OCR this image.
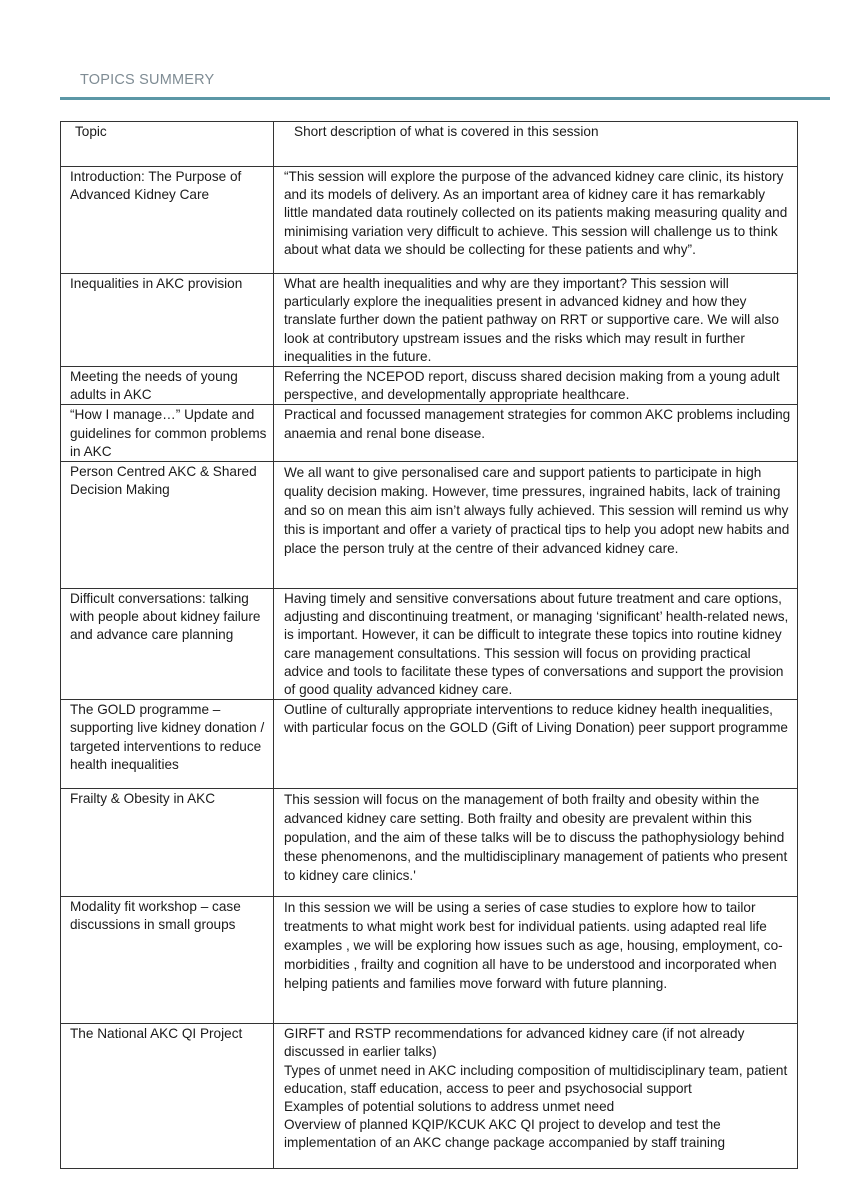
TOPICS SUMMERY
Topic	Short description of what is covered in this session

Introduction: The Purpose of Advanced Kidney Care	“This session will explore the purpose of the advanced kidney care clinic, its history and its models of delivery. As an important area of kidney care it has remarkably little mandated data routinely collected on its patients making measuring quality and minimising variation very difficult to achieve. This session will challenge us to think about what data we should be collecting for these patients and why”.

Inequalities in AKC provision	What are health inequalities and why are they important? This session will particularly explore the inequalities present in advanced kidney and how they translate further down the patient pathway on RRT or supportive care. We will also look at contributory upstream issues and the risks which may result in further inequalities in the future.

Meeting the needs of young adults in AKC	Referring the NCEPOD report, discuss shared decision making from a young adult perspective, and developmentally appropriate healthcare.

“How I manage…” Update and guidelines for common problems in AKC	Practical and focussed management strategies for common AKC problems including anaemia and renal bone disease.

Person Centred AKC & Shared Decision Making	We all want to give personalised care and support patients to participate in high quality decision making. However, time pressures, ingrained habits, lack of training and so on mean this aim isn’t always fully achieved. This session will remind us why this is important and offer a variety of practical tips to help you adopt new habits and place the person truly at the centre of their advanced kidney care.

Difficult conversations: talking with people about kidney failure and advance care planning	Having timely and sensitive conversations about future treatment and care options, adjusting and discontinuing treatment, or managing ‘significant’ health-related news, is important. However, it can be difficult to integrate these topics into routine kidney care management consultations. This session will focus on providing practical advice and tools to facilitate these types of conversations and support the provision of good quality advanced kidney care.

The GOLD programme – supporting live kidney donation / targeted interventions to reduce health inequalities	Outline of culturally appropriate interventions to reduce kidney health inequalities, with particular focus on the GOLD (Gift of Living Donation) peer support programme

Frailty & Obesity in AKC	This session will focus on the management of both frailty and obesity within the advanced kidney care setting. Both frailty and obesity are prevalent within this population, and the aim of these talks will be to discuss the pathophysiology behind these phenomenons, and the multidisciplinary management of patients who present to kidney care clinics.'

Modality fit workshop – case discussions in small groups	In this session we will be using a series of case studies to explore how to tailor treatments to what might work best for individual patients. using adapted real life examples , we will be exploring how issues such as age, housing, employment, co-morbidities , frailty and cognition all have to be understood and incorporated when helping patients and families move forward with future planning.

The National AKC QI Project	GIRFT and RSTP recommendations for advanced kidney care (if not already discussed in earlier talks)
Types of unmet need in AKC including composition of multidisciplinary team, patient education, staff education, access to peer and psychosocial support
Examples of potential solutions to address unmet need
Overview of planned KQIP/KCUK AKC QI project to develop and test the implementation of an AKC change package accompanied by staff training
